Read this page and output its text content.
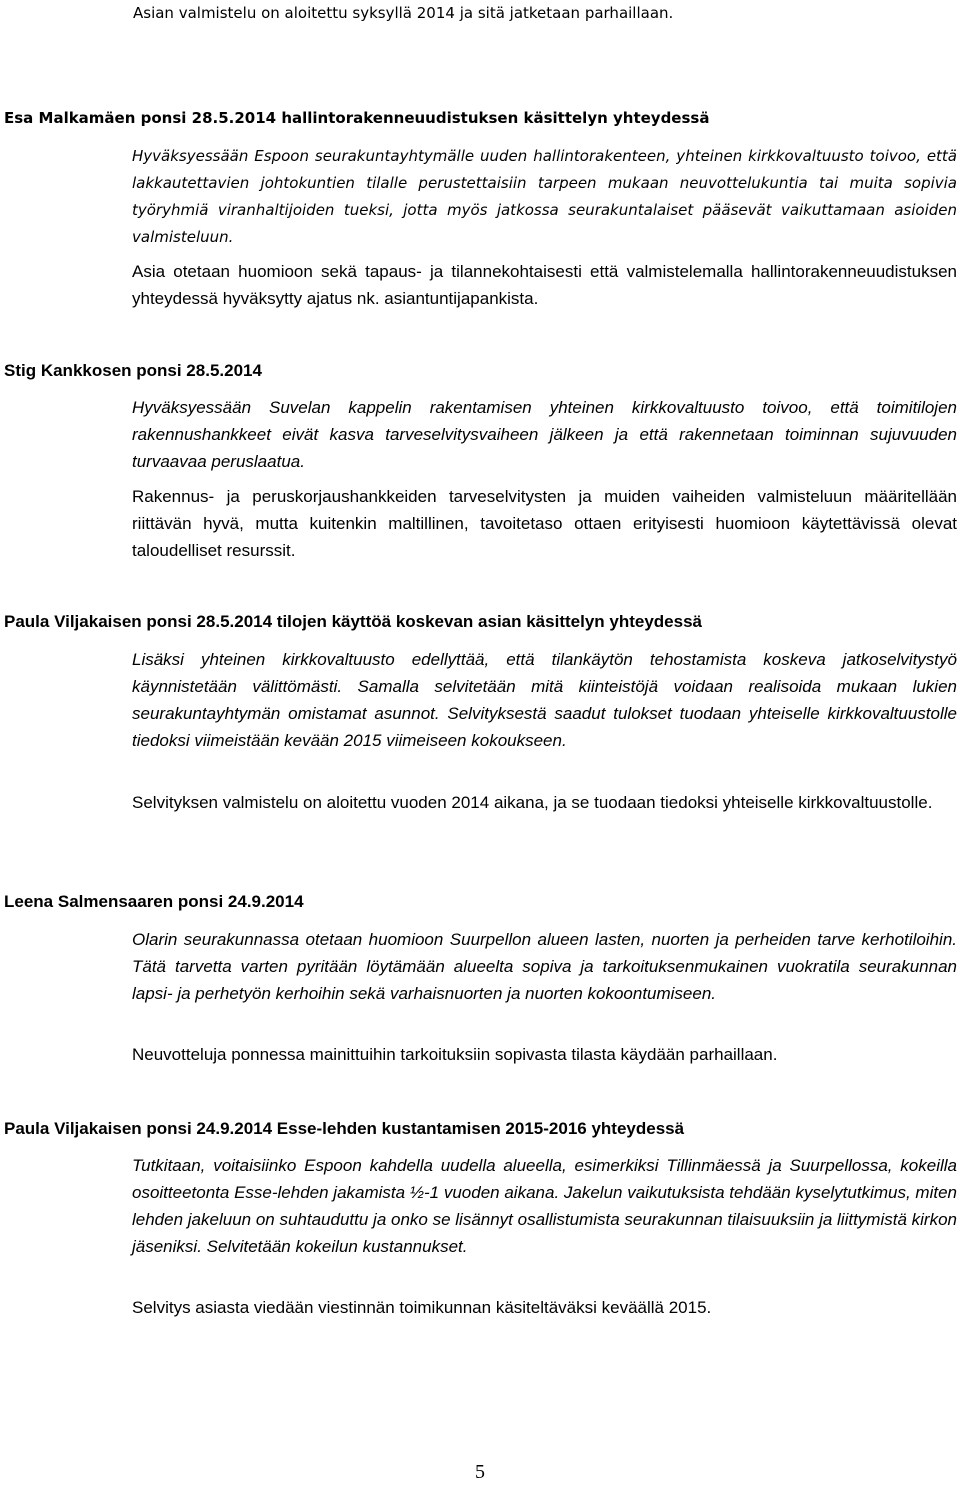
Asian valmistelu on aloitettu syksyllä 2014 ja sitä jatketaan parhaillaan.

Esa Malkamäen ponsi 28.5.2014 hallintorakenneuudistuksen käsittelyn yhteydessä

Hyväksyessään Espoon seurakuntayhtymälle uuden hallintorakenteen, yhteinen kirkkovaltuusto toivoo, että lakkautettavien johtokuntien tilalle perustettaisiin tarpeen mukaan neuvottelukuntia tai muita sopivia työryhmiä viranhaltijoiden tueksi, jotta myös jatkossa seurakuntalaiset pääsevät vaikuttamaan asioiden valmisteluun.

Asia otetaan huomioon sekä tapaus- ja tilannekohtaisesti että valmistelemalla hallintorakenneuudistuksen yhteydessä hyväksytty ajatus nk. asiantuntijapankista.

Stig Kankkosen ponsi 28.5.2014

Hyväksyessään Suvelan kappelin rakentamisen yhteinen kirkkovaltuusto toivoo, että toimitilojen rakennushankkeet eivät kasva tarveselvitysvaiheen jälkeen ja että rakennetaan toiminnan sujuvuuden turvaavaa peruslaatua.

Rakennus- ja peruskorjaushankkeiden tarveselvitysten ja muiden vaiheiden valmisteluun määritellään riittävän hyvä, mutta kuitenkin maltillinen, tavoitetaso ottaen erityisesti huomioon käytettävissä olevat taloudelliset resurssit.

Paula Viljakaisen ponsi 28.5.2014 tilojen käyttöä koskevan asian käsittelyn yhteydessä

Lisäksi yhteinen kirkkovaltuusto edellyttää, että tilankäytön tehostamista koskeva jatkoselvitystyö käynnistetään välittömästi. Samalla selvitetään mitä kiinteistöjä voidaan realisoida mukaan lukien seurakuntayhtymän omistamat asunnot. Selvityksestä saadut tulokset tuodaan yhteiselle kirkkovaltuustolle tiedoksi viimeistään kevään 2015 viimeiseen kokoukseen.

Selvityksen valmistelu on aloitettu vuoden 2014 aikana, ja se tuodaan tiedoksi yhteiselle kirkkovaltuustolle.

Leena Salmensaaren ponsi 24.9.2014

Olarin seurakunnassa otetaan huomioon Suurpellon alueen lasten, nuorten ja perheiden tarve kerhotiloihin. Tätä tarvetta varten pyritään löytämään alueelta sopiva ja tarkoituksenmukainen vuokratila seurakunnan lapsi- ja perhetyön kerhoihin sekä varhaisnuorten ja nuorten kokoontumiseen.

Neuvotteluja ponnessa mainittuihin tarkoituksiin sopivasta tilasta käydään parhaillaan.

Paula Viljakaisen ponsi 24.9.2014 Esse-lehden kustantamisen 2015-2016 yhteydessä

Tutkitaan, voitaisiinko Espoon kahdella uudella alueella, esimerkiksi Tillinmäessä ja Suurpellossa, kokeilla osoitteetonta Esse-lehden jakamista ½-1 vuoden aikana. Jakelun vaikutuksista tehdään kyselytutkimus, miten lehden jakeluun on suhtauduttu ja onko se lisännyt osallistumista seurakunnan tilaisuuksiin ja liittymistä kirkon jäseniksi. Selvitetään kokeilun kustannukset.

Selvitys asiasta viedään viestinnän toimikunnan käsiteltäväksi keväällä 2015.

5
